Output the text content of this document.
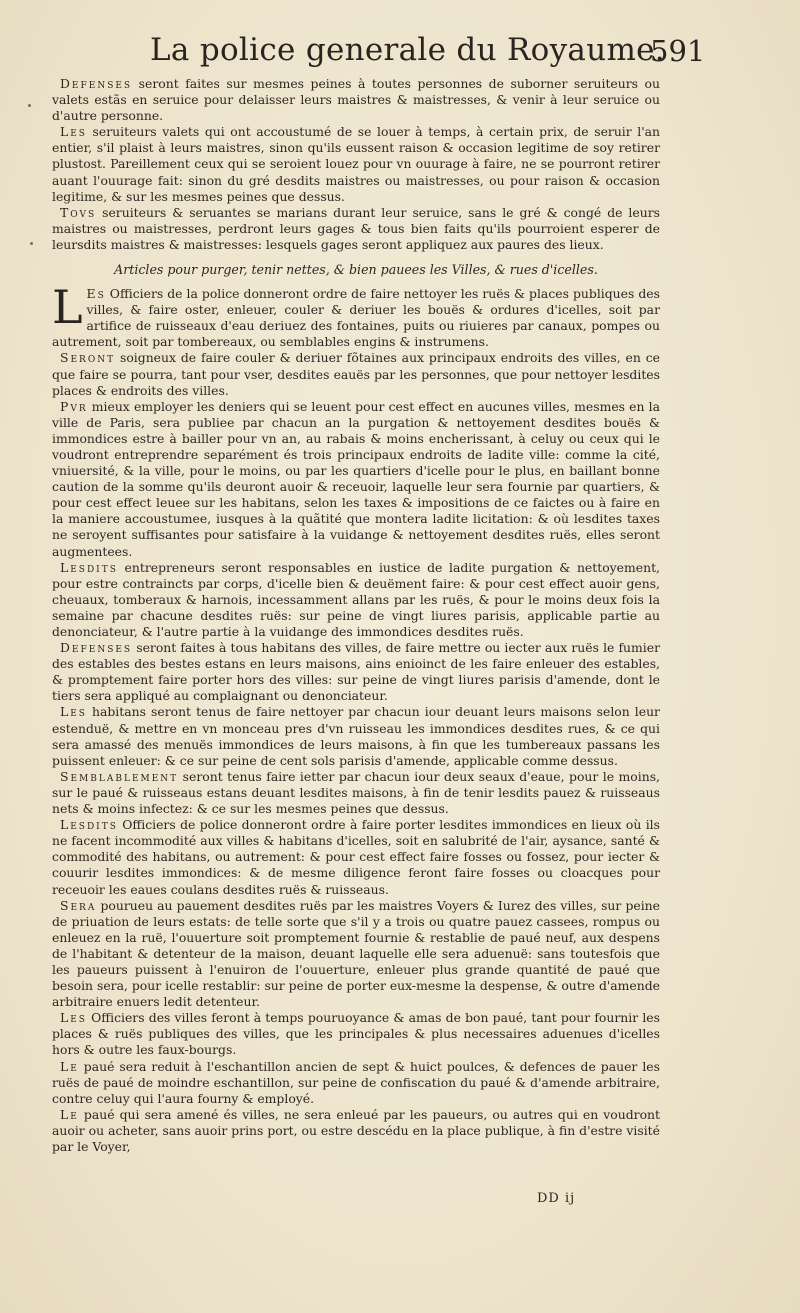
La police generale du Royaume.
591

Defenses seront faites sur mesmes peines à toutes personnes de suborner seruiteurs ou valets estãs en seruice pour delaisser leurs maistres & maistresses, & venir à leur seruice ou d'autre personne.

Les seruiteurs valets qui ont accoustumé de se louer à temps, à certain prix, de seruir l'an entier, s'il plaist à leurs maistres, sinon qu'ils eussent raison & occasion legitime de soy retirer plustost. Pareillement ceux qui se seroient louez pour vn ouurage à faire, ne se pourront retirer auant l'ouurage fait: sinon du gré desdits maistres ou maistresses, ou pour raison & occasion legitime, & sur les mesmes peines que dessus.

Tovs seruiteurs & seruantes se marians durant leur seruice, sans le gré & congé de leurs maistres ou maistresses, perdront leurs gages & tous bien faits qu'ils pourroient esperer de leursdits maistres & maistresses: lesquels gages seront appliquez aux paures des lieux.

Articles pour purger, tenir nettes, & bien pauees les Villes, & rues d'icelles.

L Es Officiers de la police donneront ordre de faire nettoyer les ruës & places publiques des villes, & faire oster, enleuer, couler & deriuer les bouës & ordures d'icelles, soit par artifice de ruisseaux d'eau deriuez des fontaines, puits ou riuieres par canaux, pompes ou autrement, soit par tombereaux, ou semblables engins & instrumens.

Seront soigneux de faire couler & deriuer fõtaines aux principaux endroits des villes, en ce que faire se pourra, tant pour vser, desdites eauës par les personnes, que pour nettoyer lesdites places & endroits des villes.

Pvr mieux employer les deniers qui se leuent pour cest effect en aucunes villes, mesmes en la ville de Paris, sera publiee par chacun an la purgation & nettoyement desdites bouës & immondices estre à bailler pour vn an, au rabais & moins encherissant, à celuy ou ceux qui le voudront entreprendre separément és trois principaux endroits de ladite ville: comme la cité, vniuersité, & la ville, pour le moins, ou par les quartiers d'icelle pour le plus, en baillant bonne caution de la somme qu'ils deuront auoir & receuoir, laquelle leur sera fournie par quartiers, & pour cest effect leuee sur les habitans, selon les taxes & impositions de ce faictes ou à faire en la maniere accoustumee, iusques à la quãtité que montera ladite licitation: & où lesdites taxes ne seroyent suffisantes pour satisfaire à la vuidange & nettoyement desdites ruës, elles seront augmentees.

Lesdits entrepreneurs seront responsables en iustice de ladite purgation & nettoyement, pour estre contraincts par corps, d'icelle bien & deuëment faire: & pour cest effect auoir gens, cheuaux, tomberaux & harnois, incessamment allans par les ruës, & pour le moins deux fois la semaine par chacune desdites ruës: sur peine de vingt liures parisis, applicable partie au denonciateur, & l'autre partie à la vuidange des immondices desdites ruës.

Defenses seront faites à tous habitans des villes, de faire mettre ou iecter aux ruës le fumier des estables des bestes estans en leurs maisons, ains enioinct de les faire enleuer des estables, & promptement faire porter hors des villes: sur peine de vingt liures parisis d'amende, dont le tiers sera appliqué au complaignant ou denonciateur.

Les habitans seront tenus de faire nettoyer par chacun iour deuant leurs maisons selon leur estenduë, & mettre en vn monceau pres d'vn ruisseau les immondices desdites rues, & ce qui sera amassé des menuës immondices de leurs maisons, à fin que les tumbereaux passans les puissent enleuer: & ce sur peine de cent sols parisis d'amende, applicable comme dessus.

Semblablement seront tenus faire ietter par chacun iour deux seaux d'eaue, pour le moins, sur le paué & ruisseaus estans deuant lesdites maisons, à fin de tenir lesdits pauez & ruisseaus nets & moins infectez: & ce sur les mesmes peines que dessus.

Lesdits Officiers de police donneront ordre à faire porter lesdites immondices en lieux où ils ne facent incommodité aux villes & habitans d'icelles, soit en salubrité de l'air, aysance, santé & commodité des habitans, ou autrement: & pour cest effect faire fosses ou fossez, pour iecter & couurir lesdites immondices: & de mesme diligence feront faire fosses ou cloacques pour receuoir les eaues coulans desdites ruës & ruisseaus.

Sera pourueu au pauement desdites ruës par les maistres Voyers & Iurez des villes, sur peine de priuation de leurs estats: de telle sorte que s'il y a trois ou quatre pauez cassees, rompus ou enleuez en la ruë, l'ouuerture soit promptement fournie & restablie de paué neuf, aux despens de l'habitant & detenteur de la maison, deuant laquelle elle sera aduenuë: sans toutesfois que les paueurs puissent à l'enuiron de l'ouuerture, enleuer plus grande quantité de paué que besoin sera, pour icelle restablir: sur peine de porter eux-mesme la despense, & outre d'amende arbitraire enuers ledit detenteur.

Les Officiers des villes feront à temps pouruoyance & amas de bon paué, tant pour fournir les places & ruës publiques des villes, que les principales & plus necessaires aduenues d'icelles hors & outre les faux-bourgs.

Le paué sera reduit à l'eschantillon ancien de sept & huict poulces, & defences de pauer les ruës de paué de moindre eschantillon, sur peine de confiscation du paué & d'amende arbitraire, contre celuy qui l'aura fourny & employé.

Le paué qui sera amené és villes, ne sera enleué par les paueurs, ou autres qui en voudront auoir ou acheter, sans auoir prins port, ou estre descédu en la place publique, à fin d'estre visité par le Voyer,

DD ij
